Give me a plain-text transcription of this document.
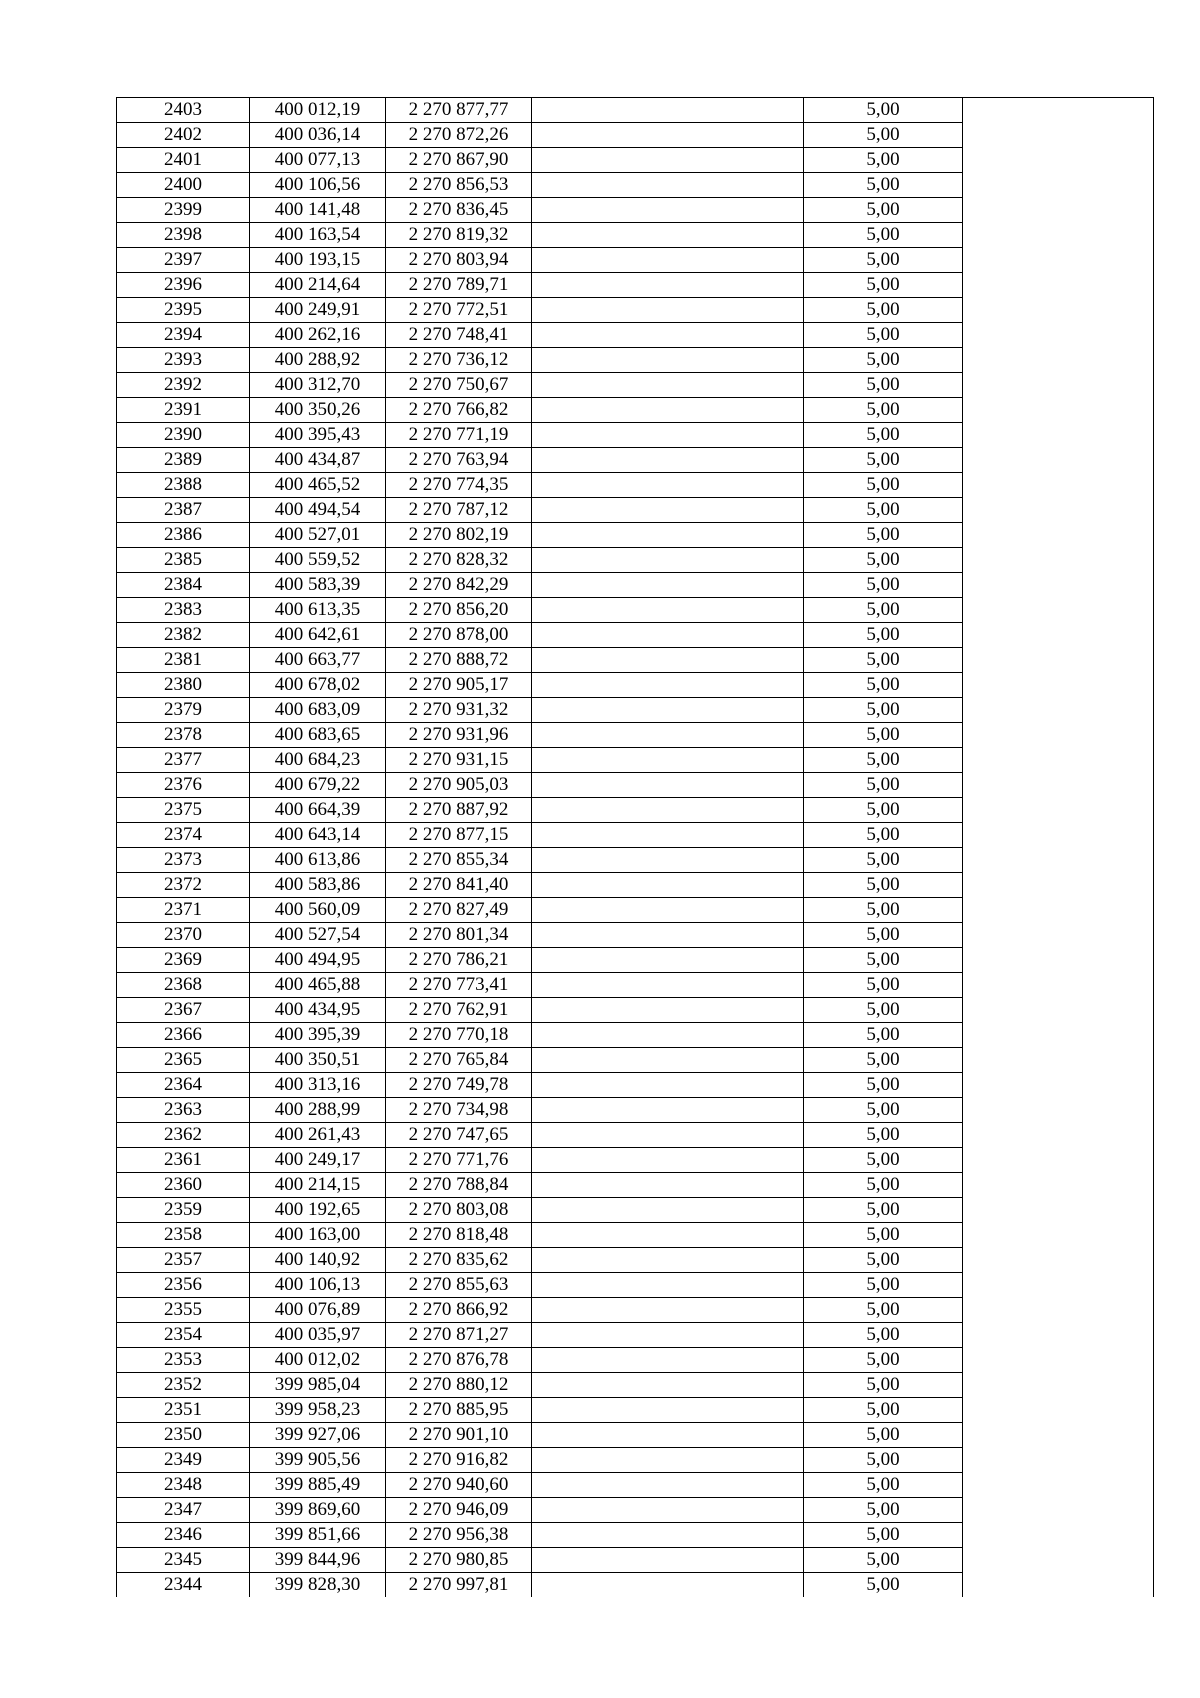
2403	400 012,19	2 270 877,77		5,00	
2402	400 036,14	2 270 872,26		5,00	
2401	400 077,13	2 270 867,90		5,00	
2400	400 106,56	2 270 856,53		5,00	
2399	400 141,48	2 270 836,45		5,00	
2398	400 163,54	2 270 819,32		5,00	
2397	400 193,15	2 270 803,94		5,00	
2396	400 214,64	2 270 789,71		5,00	
2395	400 249,91	2 270 772,51		5,00	
2394	400 262,16	2 270 748,41		5,00	
2393	400 288,92	2 270 736,12		5,00	
2392	400 312,70	2 270 750,67		5,00	
2391	400 350,26	2 270 766,82		5,00	
2390	400 395,43	2 270 771,19		5,00	
2389	400 434,87	2 270 763,94		5,00	
2388	400 465,52	2 270 774,35		5,00	
2387	400 494,54	2 270 787,12		5,00	
2386	400 527,01	2 270 802,19		5,00	
2385	400 559,52	2 270 828,32		5,00	
2384	400 583,39	2 270 842,29		5,00	
2383	400 613,35	2 270 856,20		5,00	
2382	400 642,61	2 270 878,00		5,00	
2381	400 663,77	2 270 888,72		5,00	
2380	400 678,02	2 270 905,17		5,00	
2379	400 683,09	2 270 931,32		5,00	
2378	400 683,65	2 270 931,96		5,00	
2377	400 684,23	2 270 931,15		5,00	
2376	400 679,22	2 270 905,03		5,00	
2375	400 664,39	2 270 887,92		5,00	
2374	400 643,14	2 270 877,15		5,00	
2373	400 613,86	2 270 855,34		5,00	
2372	400 583,86	2 270 841,40		5,00	
2371	400 560,09	2 270 827,49		5,00	
2370	400 527,54	2 270 801,34		5,00	
2369	400 494,95	2 270 786,21		5,00	
2368	400 465,88	2 270 773,41		5,00	
2367	400 434,95	2 270 762,91		5,00	
2366	400 395,39	2 270 770,18		5,00	
2365	400 350,51	2 270 765,84		5,00	
2364	400 313,16	2 270 749,78		5,00	
2363	400 288,99	2 270 734,98		5,00	
2362	400 261,43	2 270 747,65		5,00	
2361	400 249,17	2 270 771,76		5,00	
2360	400 214,15	2 270 788,84		5,00	
2359	400 192,65	2 270 803,08		5,00	
2358	400 163,00	2 270 818,48		5,00	
2357	400 140,92	2 270 835,62		5,00	
2356	400 106,13	2 270 855,63		5,00	
2355	400 076,89	2 270 866,92		5,00	
2354	400 035,97	2 270 871,27		5,00	
2353	400 012,02	2 270 876,78		5,00	
2352	399 985,04	2 270 880,12		5,00	
2351	399 958,23	2 270 885,95		5,00	
2350	399 927,06	2 270 901,10		5,00	
2349	399 905,56	2 270 916,82		5,00	
2348	399 885,49	2 270 940,60		5,00	
2347	399 869,60	2 270 946,09		5,00	
2346	399 851,66	2 270 956,38		5,00	
2345	399 844,96	2 270 980,85		5,00	
2344	399 828,30	2 270 997,81		5,00	
